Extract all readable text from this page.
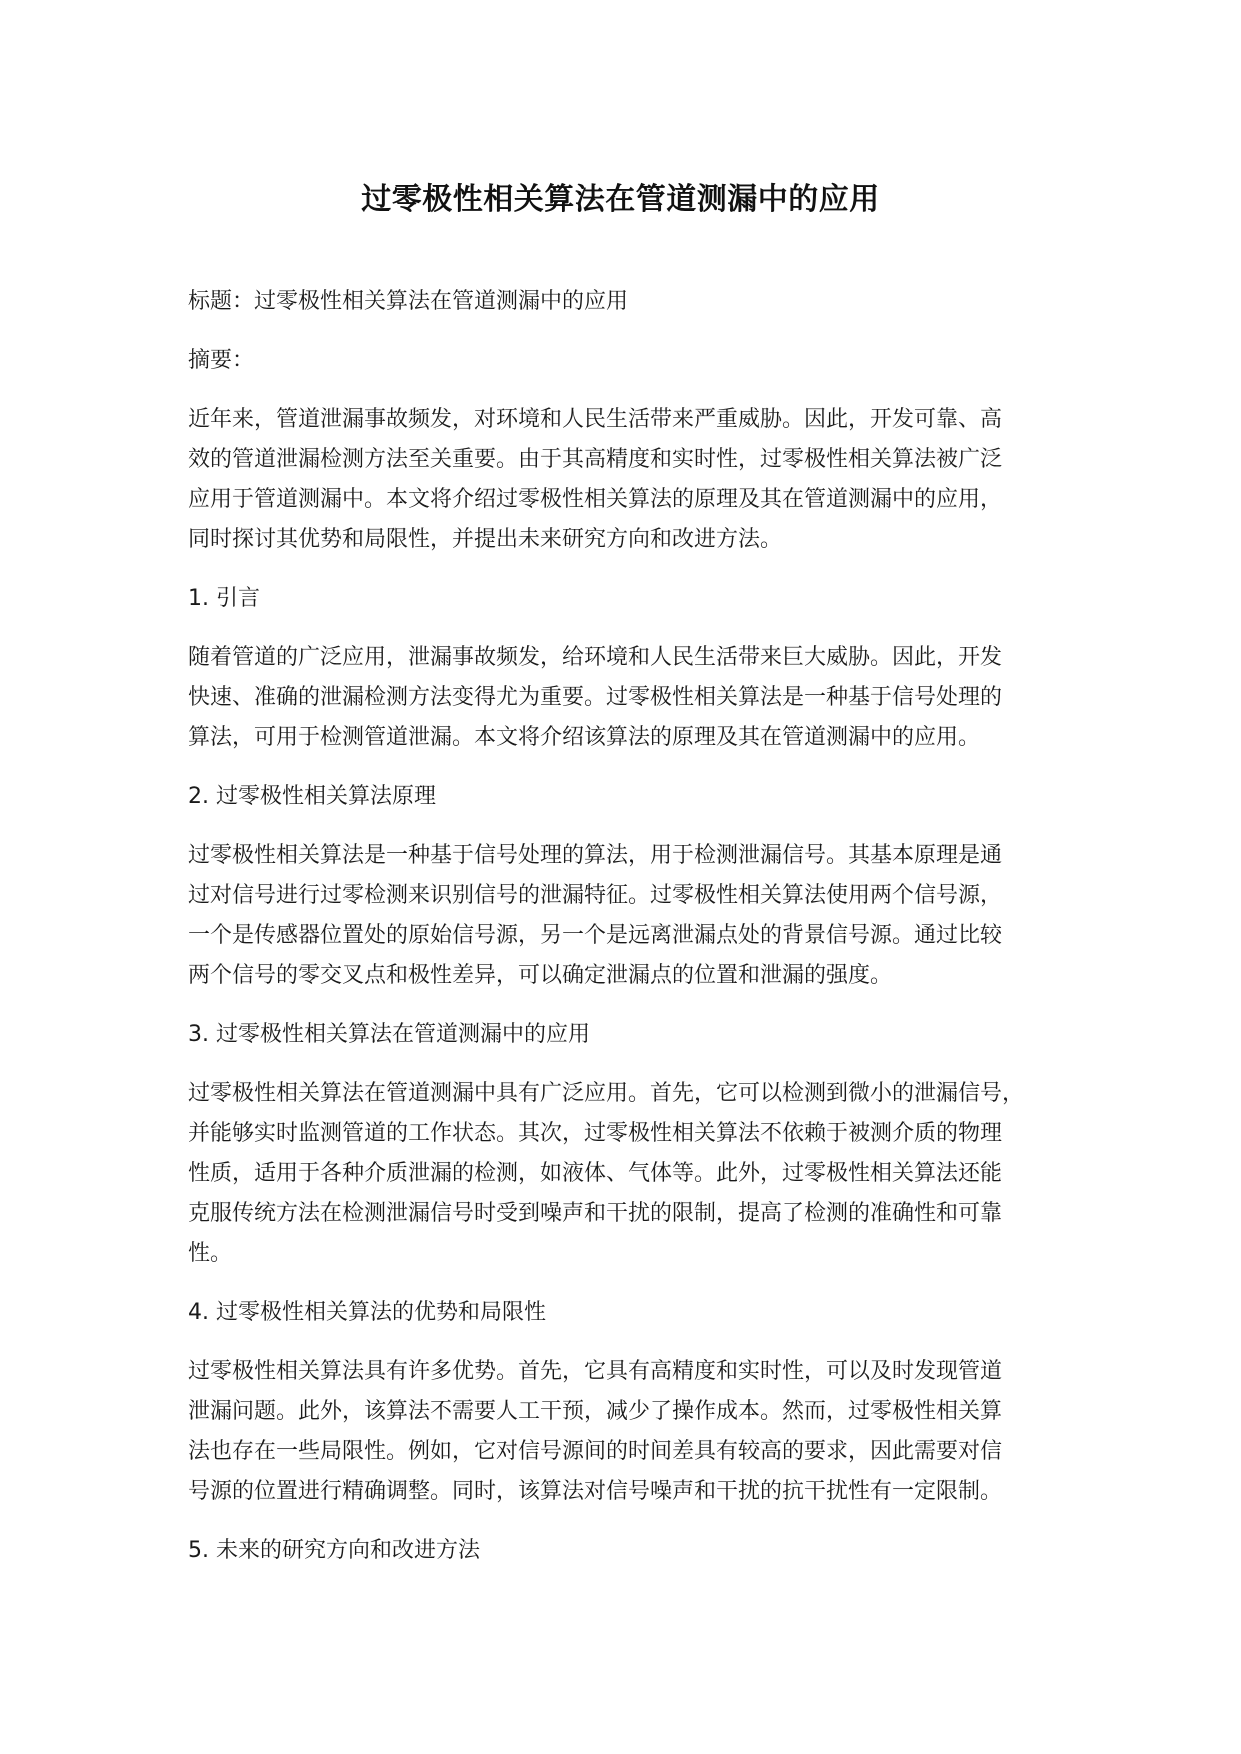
过零极性相关算法在管道测漏中的应用
标题：过零极性相关算法在管道测漏中的应用
摘要：
近年来，管道泄漏事故频发，对环境和人民生活带来严重威胁。因此，开发可靠、高
效的管道泄漏检测方法至关重要。由于其高精度和实时性，过零极性相关算法被广泛
应用于管道测漏中。本文将介绍过零极性相关算法的原理及其在管道测漏中的应用，
同时探讨其优势和局限性，并提出未来研究方向和改进方法。
1. 引言
随着管道的广泛应用，泄漏事故频发，给环境和人民生活带来巨大威胁。因此，开发
快速、准确的泄漏检测方法变得尤为重要。过零极性相关算法是一种基于信号处理的
算法，可用于检测管道泄漏。本文将介绍该算法的原理及其在管道测漏中的应用。
2. 过零极性相关算法原理
过零极性相关算法是一种基于信号处理的算法，用于检测泄漏信号。其基本原理是通
过对信号进行过零检测来识别信号的泄漏特征。过零极性相关算法使用两个信号源，
一个是传感器位置处的原始信号源，另一个是远离泄漏点处的背景信号源。通过比较
两个信号的零交叉点和极性差异，可以确定泄漏点的位置和泄漏的强度。
3. 过零极性相关算法在管道测漏中的应用
过零极性相关算法在管道测漏中具有广泛应用。首先，它可以检测到微小的泄漏信号，
并能够实时监测管道的工作状态。其次，过零极性相关算法不依赖于被测介质的物理
性质，适用于各种介质泄漏的检测，如液体、气体等。此外，过零极性相关算法还能
克服传统方法在检测泄漏信号时受到噪声和干扰的限制，提高了检测的准确性和可靠
性。
4. 过零极性相关算法的优势和局限性
过零极性相关算法具有许多优势。首先，它具有高精度和实时性，可以及时发现管道
泄漏问题。此外，该算法不需要人工干预，减少了操作成本。然而，过零极性相关算
法也存在一些局限性。例如，它对信号源间的时间差具有较高的要求，因此需要对信
号源的位置进行精确调整。同时，该算法对信号噪声和干扰的抗干扰性有一定限制。
5. 未来的研究方向和改进方法
